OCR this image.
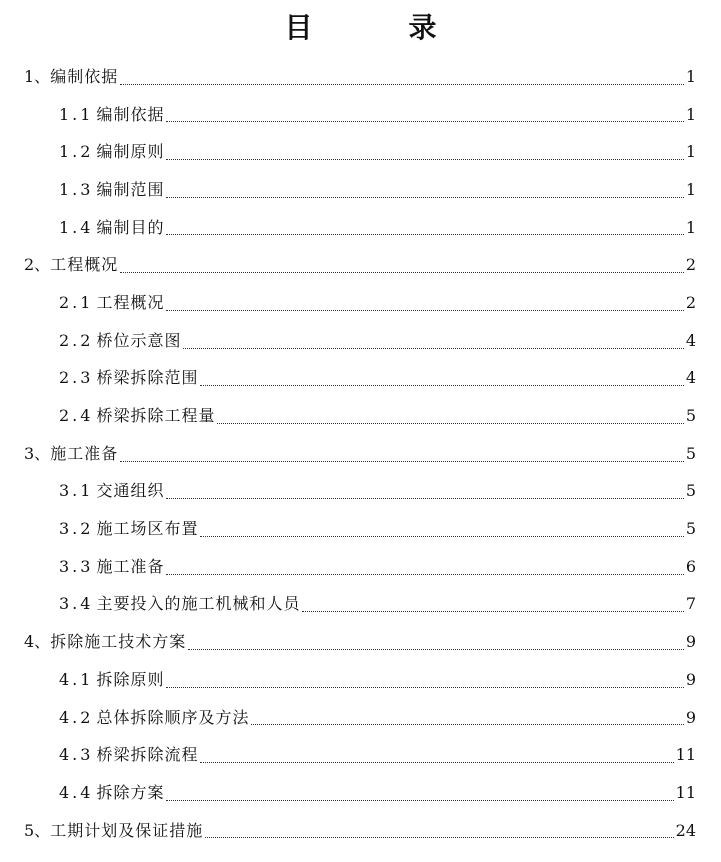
目　录
1、 编制依据	1
1.1 编制依据	1
1.2 编制原则	1
1.3 编制范围	1
1.4 编制目的	1
2、 工程概况	2
2.1 工程概况	2
2.2 桥位示意图	4
2.3 桥梁拆除范围	4
2.4 桥梁拆除工程量	5
3、 施工准备	5
3.1 交通组织	5
3.2 施工场区布置	5
3.3 施工准备	6
3.4 主要投入的施工机械和人员	7
4、 拆除施工技术方案	9
4.1 拆除原则	9
4.2 总体拆除顺序及方法	9
4.3 桥梁拆除流程	11
4.4 拆除方案	11
5、 工期计划及保证措施	24
